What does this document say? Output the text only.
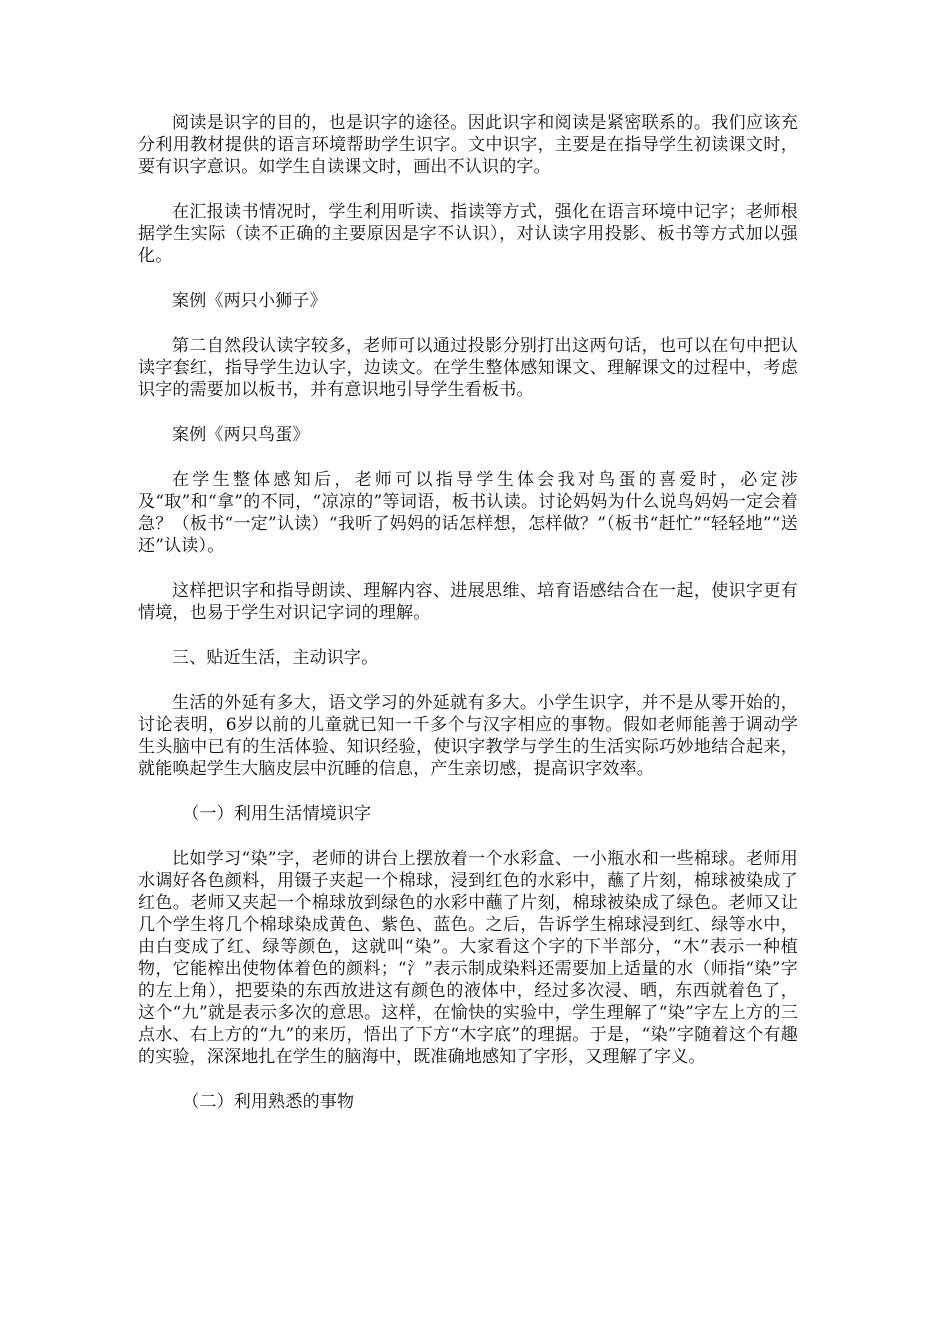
阅读是识字的目的，也是识字的途径。因此识字和阅读是紧密联系的。我们应该充分利用教材提供的语言环境帮助学生识字。文中识字，主要是在指导学生初读课文时，要有识字意识。如学生自读课文时，画出不认识的字。

在汇报读书情况时，学生利用听读、指读等方式，强化在语言环境中记字；老师根据学生实际（读不正确的主要原因是字不认识），对认读字用投影、板书等方式加以强化。

案例《两只小狮子》

第二自然段认读字较多，老师可以通过投影分别打出这两句话，也可以在句中把认读字套红，指导学生边认字，边读文。在学生整体感知课文、理解课文的过程中，考虑识字的需要加以板书，并有意识地引导学生看板书。

案例《两只鸟蛋》

在学生整体感知后，老师可以指导学生体会我对鸟蛋的喜爱时，必定涉及“取”和“拿”的不同，“凉凉的”等词语，板书认读。讨论妈妈为什么说鸟妈妈一定会着急？（板书“一定”认读）“我听了妈妈的话怎样想，怎样做？”（板书“赶忙”“轻轻地”“送还”认读）。

这样把识字和指导朗读、理解内容、进展思维、培育语感结合在一起，使识字更有情境，也易于学生对识记字词的理解。

三、贴近生活，主动识字。

生活的外延有多大，语文学习的外延就有多大。小学生识字，并不是从零开始的，讨论表明，6岁以前的儿童就已知一千多个与汉字相应的事物。假如老师能善于调动学生头脑中已有的生活体验、知识经验，使识字教学与学生的生活实际巧妙地结合起来，就能唤起学生大脑皮层中沉睡的信息，产生亲切感，提高识字效率。

（一）利用生活情境识字

比如学习“染”字，老师的讲台上摆放着一个水彩盒、一小瓶水和一些棉球。老师用水调好各色颜料，用镊子夹起一个棉球，浸到红色的水彩中，蘸了片刻，棉球被染成了红色。老师又夹起一个棉球放到绿色的水彩中蘸了片刻，棉球被染成了绿色。老师又让几个学生将几个棉球染成黄色、紫色、蓝色。之后，告诉学生棉球浸到红、绿等水中，由白变成了红、绿等颜色，这就叫“染”。大家看这个字的下半部分，“木”表示一种植物，它能榨出使物体着色的颜料；“氵”表示制成染料还需要加上适量的水（师指“染”字的左上角），把要染的东西放进这有颜色的液体中，经过多次浸、晒，东西就着色了，这个“九”就是表示多次的意思。这样，在愉快的实验中，学生理解了“染”字左上方的三点水、右上方的“九”的来历，悟出了下方“木字底”的理据。于是，“染”字随着这个有趣的实验，深深地扎在学生的脑海中，既准确地感知了字形，又理解了字义。

（二）利用熟悉的事物
